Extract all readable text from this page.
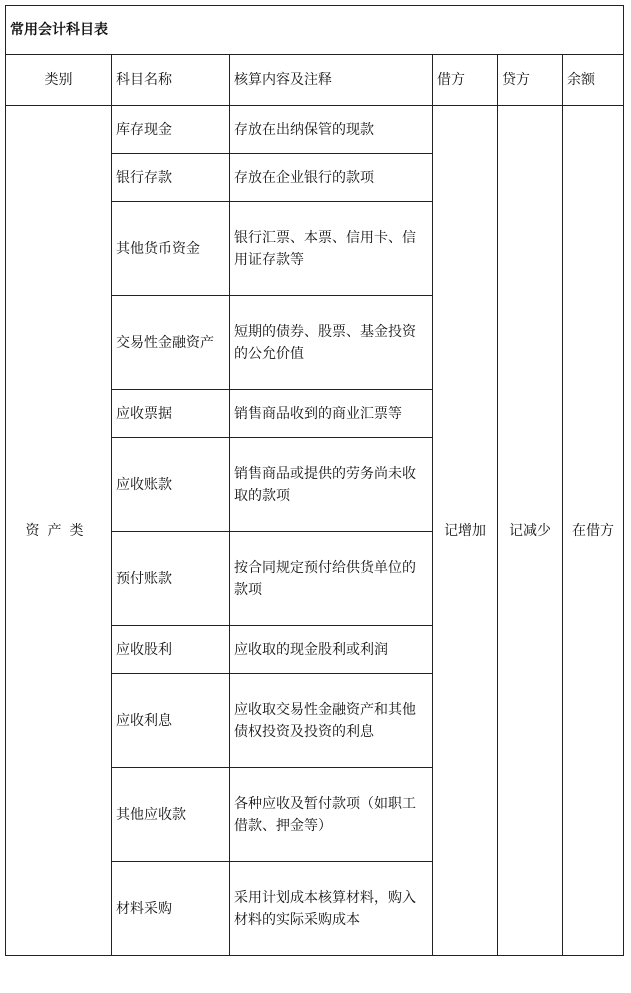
常用会计科目表					
类别	科目名称	核算内容及注释	借方	贷方	余额
资产类	库存现金	存放在出纳保管的现款	记增加	记减少	在借方
	银行存款	存放在企业银行的款项			

	其他货币资金	银行汇票、本票、信用卡、信
用证存款等			

	交易性金融资产	短期的债券、股票、基金投资
的公允价值			

	应收票据	销售商品收到的商业汇票等			

	应收账款	销售商品或提供的劳务尚未收
取的款项			

	预付账款	按合同规定预付给供货单位的
款项			

	应收股利	应收取的现金股利或利润			

	应收利息	应收取交易性金融资产和其他
债权投资及投资的利息			

	其他应收款	各种应收及暂付款项（如职工
借款、押金等）			

	材料采购	采用计划成本核算材料，购入
材料的实际采购成本			
